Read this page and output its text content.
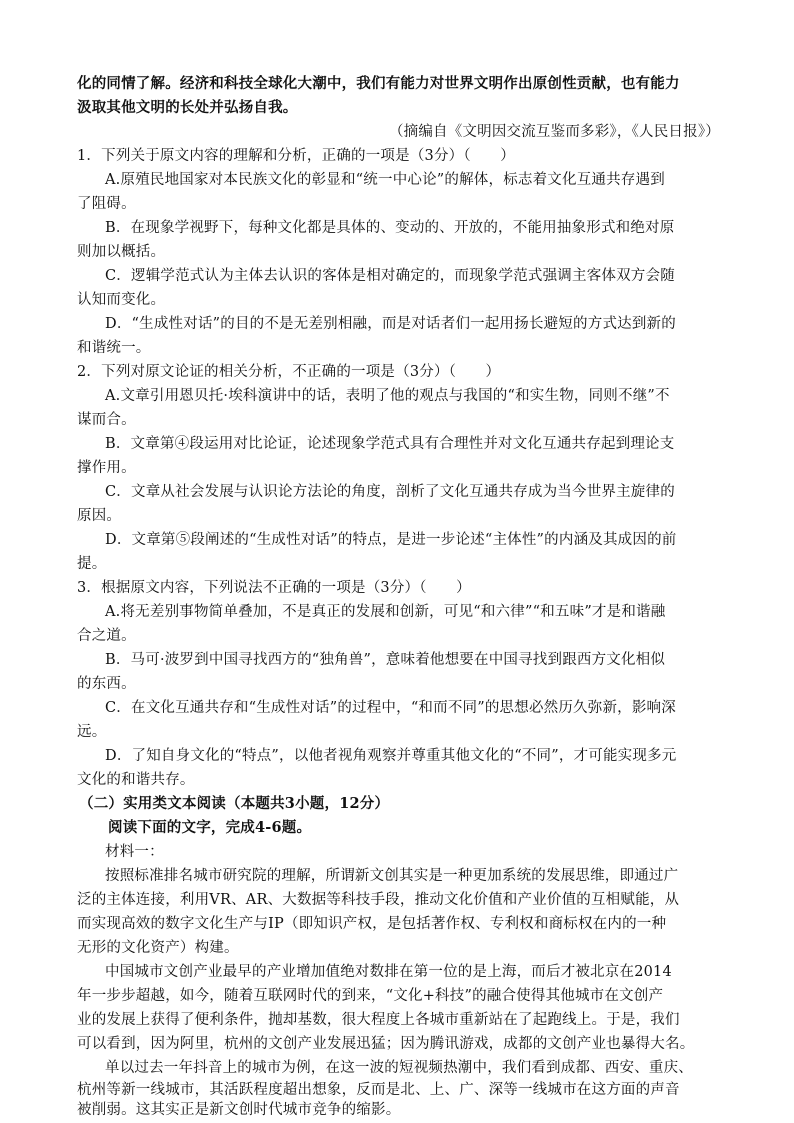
化的同情了解。经济和科技全球化大潮中，我们有能力对世界文明作出原创性贡献，也有能力
汲取其他文明的长处并弘扬自我。
（摘编自《文明因交流互鉴而多彩》，《人民日报》）
1．下列关于原文内容的理解和分析，正确的一项是（3分）（　　）
A.原殖民地国家对本民族文化的彰显和“统一中心论”的解体，标志着文化互通共存遇到
了阻碍。
B．在现象学视野下，每种文化都是具体的、变动的、开放的，不能用抽象形式和绝对原
则加以概括。
C．逻辑学范式认为主体去认识的客体是相对确定的，而现象学范式强调主客体双方会随
认知而变化。
D．“生成性对话”的目的不是无差别相融，而是对话者们一起用扬长避短的方式达到新的
和谐统一。
2．下列对原文论证的相关分析，不正确的一项是（3分）（　　）
A.文章引用恩贝托·埃科演讲中的话，表明了他的观点与我国的“和实生物，同则不继”不
谋而合。
B．文章第④段运用对比论证，论述现象学范式具有合理性并对文化互通共存起到理论支
撑作用。
C．文章从社会发展与认识论方法论的角度，剖析了文化互通共存成为当今世界主旋律的
原因。
D．文章第⑤段阐述的“生成性对话”的特点，是进一步论述“主体性”的内涵及其成因的前
提。
3．根据原文内容，下列说法不正确的一项是（3分）（　　）
A.将无差别事物简单叠加，不是真正的发展和创新，可见“和六律”“和五味”才是和谐融
合之道。
B．马可·波罗到中国寻找西方的“独角兽”，意味着他想要在中国寻找到跟西方文化相似
的东西。
C．在文化互通共存和“生成性对话”的过程中，“和而不同”的思想必然历久弥新，影响深
远。
D．了知自身文化的“特点”，以他者视角观察并尊重其他文化的“不同”，才可能实现多元
文化的和谐共存。
（二）实用类文本阅读（本题共3小题，12分）
阅读下面的文字，完成4-6题。
材料一：
按照标准排名城市研究院的理解，所谓新文创其实是一种更加系统的发展思维，即通过广
泛的主体连接，利用VR、AR、大数据等科技手段，推动文化价值和产业价值的互相赋能，从
而实现高效的数字文化生产与IP（即知识产权，是包括著作权、专利权和商标权在内的一种
无形的文化资产）构建。
中国城市文创产业最早的产业增加值绝对数排在第一位的是上海，而后才被北京在2014
年一步步超越，如今，随着互联网时代的到来，“文化+科技”的融合使得其他城市在文创产
业的发展上获得了便利条件，抛却基数，很大程度上各城市重新站在了起跑线上。于是，我们
可以看到，因为阿里，杭州的文创产业发展迅猛；因为腾讯游戏，成都的文创产业也暴得大名。
单以过去一年抖音上的城市为例，在这一波的短视频热潮中，我们看到成都、西安、重庆、
杭州等新一线城市，其活跃程度超出想象，反而是北、上、广、深等一线城市在这方面的声音
被削弱。这其实正是新文创时代城市竞争的缩影。
